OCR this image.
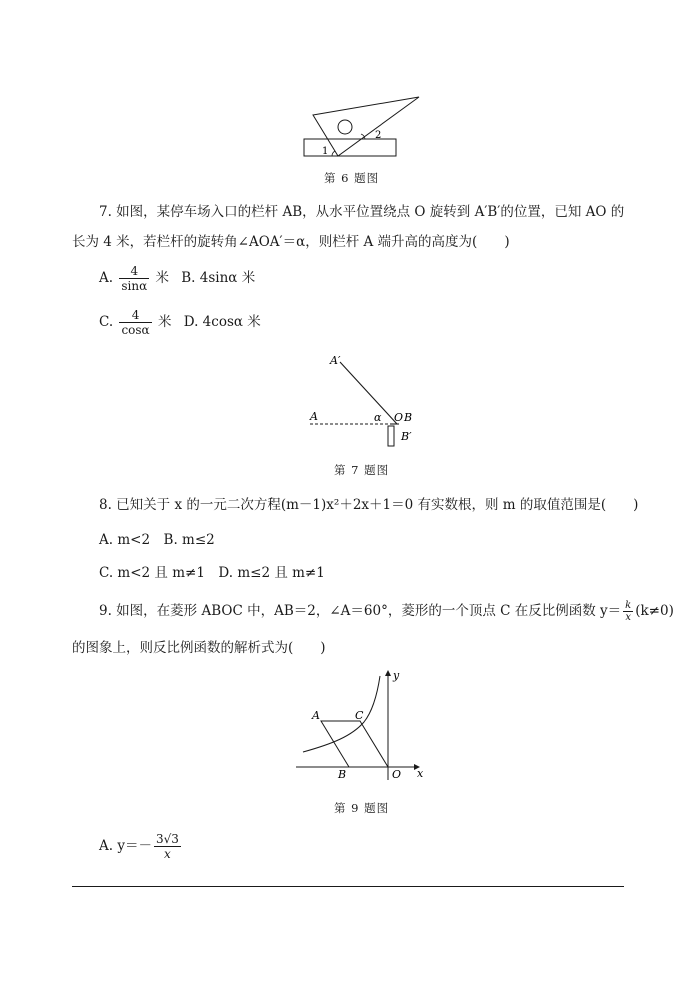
1
2
第 6 题图
7. 如图，某停车场入口的栏杆 AB，从水平位置绕点 O 旋转到 A′B′的位置，已知 AO 的
长为 4 米，若栏杆的旋转角∠AOA′＝α，则栏杆 A 端升高的高度为(　　)
A. $\frac{4}{\sin\alpha}$ 米 B. 4sinα 米
C. $\frac{4}{\cos\alpha}$ 米 D. 4cosα 米
A′
A	α O B
B′
第 7 题图
8. 已知关于 x 的一元二次方程(m－1)x²＋2x＋1＝0 有实数根，则 m 的取值范围是(　　)
A. m<2　B. m≤2
C. m<2 且 m≠1　D. m≤2 且 m≠1
9. 如图，在菱形 ABOC 中，AB＝2，∠A＝60°，菱形的一个顶点 C 在反比例函数 $y= \frac{k}{x} (k\ne 0)$
的图象上，则反比例函数的解析式为(　　)
y
A	C
B	O x
第 9 题图
A. $y=- \frac{3√3}{x}$
